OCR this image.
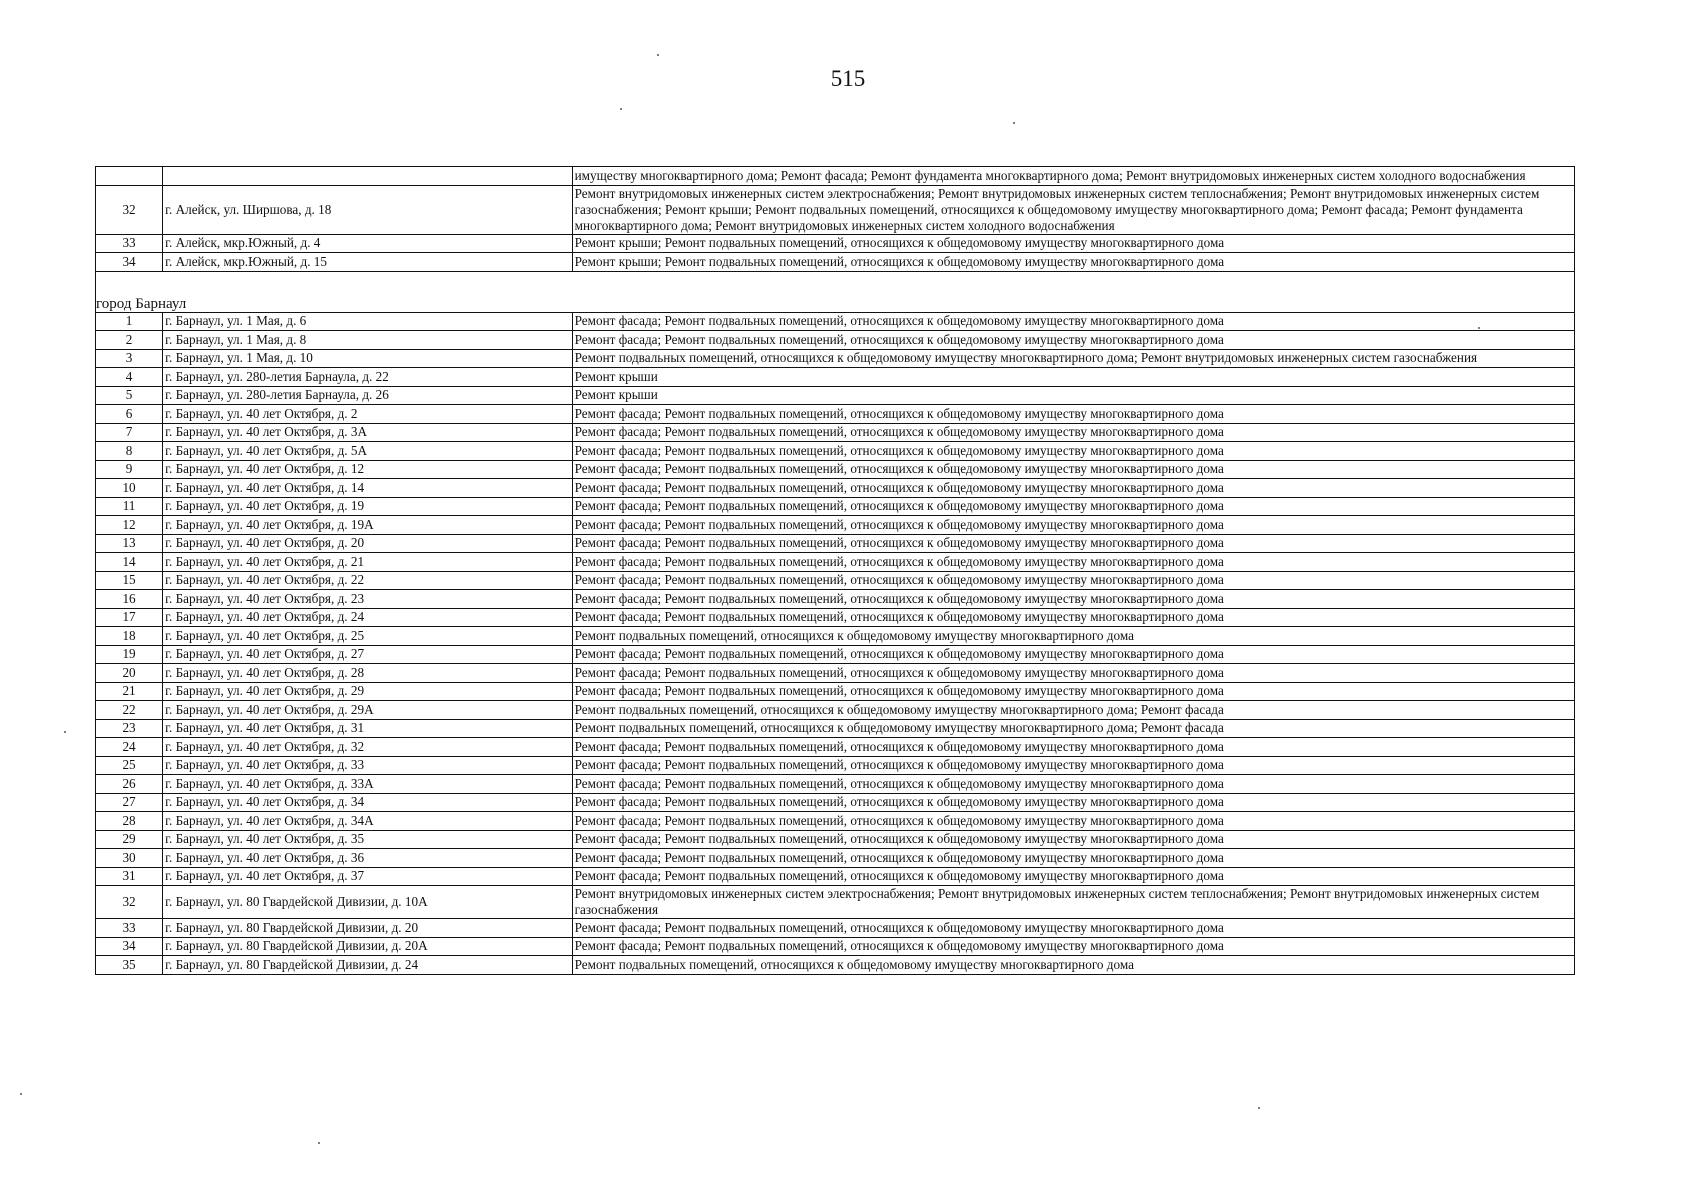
515
		имуществу многоквартирного дома; Ремонт фасада; Ремонт фундамента многоквартирного дома; Ремонт внутридомовых инженерных систем холодного водоснабжения
32	г. Алейск, ул. Ширшова, д. 18	Ремонт внутридомовых инженерных систем электроснабжения; Ремонт внутридомовых инженерных систем теплоснабжения; Ремонт внутридомовых инженерных систем газоснабжения; Ремонт крыши; Ремонт подвальных помещений, относящихся к общедомовому имуществу многоквартирного дома; Ремонт фасада; Ремонт фундамента многоквартирного дома; Ремонт внутридомовых инженерных систем холодного водоснабжения
33	г. Алейск, мкр.Южный, д. 4	Ремонт крыши; Ремонт подвальных помещений, относящихся к общедомовому имуществу многоквартирного дома
34	г. Алейск, мкр.Южный, д. 15	Ремонт крыши; Ремонт подвальных помещений, относящихся к общедомовому имуществу многоквартирного дома

город Барнаул		
1	г. Барнаул, ул. 1 Мая, д. 6	Ремонт фасада; Ремонт подвальных помещений, относящихся к общедомовому имуществу многоквартирного дома
2	г. Барнаул, ул. 1 Мая, д. 8	Ремонт фасада; Ремонт подвальных помещений, относящихся к общедомовому имуществу многоквартирного дома
3	г. Барнаул, ул. 1 Мая, д. 10	Ремонт подвальных помещений, относящихся к общедомовому имуществу многоквартирного дома; Ремонт внутридомовых инженерных систем газоснабжения
4	г. Барнаул, ул. 280-летия Барнаула, д. 22	Ремонт крыши
5	г. Барнаул, ул. 280-летия Барнаула, д. 26	Ремонт крыши
6	г. Барнаул, ул. 40 лет Октября, д. 2	Ремонт фасада; Ремонт подвальных помещений, относящихся к общедомовому имуществу многоквартирного дома
7	г. Барнаул, ул. 40 лет Октября, д. 3А	Ремонт фасада; Ремонт подвальных помещений, относящихся к общедомовому имуществу многоквартирного дома
8	г. Барнаул, ул. 40 лет Октября, д. 5А	Ремонт фасада; Ремонт подвальных помещений, относящихся к общедомовому имуществу многоквартирного дома
9	г. Барнаул, ул. 40 лет Октября, д. 12	Ремонт фасада; Ремонт подвальных помещений, относящихся к общедомовому имуществу многоквартирного дома
10	г. Барнаул, ул. 40 лет Октября, д. 14	Ремонт фасада; Ремонт подвальных помещений, относящихся к общедомовому имуществу многоквартирного дома
11	г. Барнаул, ул. 40 лет Октября, д. 19	Ремонт фасада; Ремонт подвальных помещений, относящихся к общедомовому имуществу многоквартирного дома
12	г. Барнаул, ул. 40 лет Октября, д. 19А	Ремонт фасада; Ремонт подвальных помещений, относящихся к общедомовому имуществу многоквартирного дома
13	г. Барнаул, ул. 40 лет Октября, д. 20	Ремонт фасада; Ремонт подвальных помещений, относящихся к общедомовому имуществу многоквартирного дома
14	г. Барнаул, ул. 40 лет Октября, д. 21	Ремонт фасада; Ремонт подвальных помещений, относящихся к общедомовому имуществу многоквартирного дома
15	г. Барнаул, ул. 40 лет Октября, д. 22	Ремонт фасада; Ремонт подвальных помещений, относящихся к общедомовому имуществу многоквартирного дома
16	г. Барнаул, ул. 40 лет Октября, д. 23	Ремонт фасада; Ремонт подвальных помещений, относящихся к общедомовому имуществу многоквартирного дома
17	г. Барнаул, ул. 40 лет Октября, д. 24	Ремонт фасада; Ремонт подвальных помещений, относящихся к общедомовому имуществу многоквартирного дома
18	г. Барнаул, ул. 40 лет Октября, д. 25	Ремонт подвальных помещений, относящихся к общедомовому имуществу многоквартирного дома
19	г. Барнаул, ул. 40 лет Октября, д. 27	Ремонт фасада; Ремонт подвальных помещений, относящихся к общедомовому имуществу многоквартирного дома
20	г. Барнаул, ул. 40 лет Октября, д. 28	Ремонт фасада; Ремонт подвальных помещений, относящихся к общедомовому имуществу многоквартирного дома
21	г. Барнаул, ул. 40 лет Октября, д. 29	Ремонт фасада; Ремонт подвальных помещений, относящихся к общедомовому имуществу многоквартирного дома
22	г. Барнаул, ул. 40 лет Октября, д. 29А	Ремонт подвальных помещений, относящихся к общедомовому имуществу многоквартирного дома; Ремонт фасада
23	г. Барнаул, ул. 40 лет Октября, д. 31	Ремонт подвальных помещений, относящихся к общедомовому имуществу многоквартирного дома; Ремонт фасада
24	г. Барнаул, ул. 40 лет Октября, д. 32	Ремонт фасада; Ремонт подвальных помещений, относящихся к общедомовому имуществу многоквартирного дома
25	г. Барнаул, ул. 40 лет Октября, д. 33	Ремонт фасада; Ремонт подвальных помещений, относящихся к общедомовому имуществу многоквартирного дома
26	г. Барнаул, ул. 40 лет Октября, д. 33А	Ремонт фасада; Ремонт подвальных помещений, относящихся к общедомовому имуществу многоквартирного дома
27	г. Барнаул, ул. 40 лет Октября, д. 34	Ремонт фасада; Ремонт подвальных помещений, относящихся к общедомовому имуществу многоквартирного дома
28	г. Барнаул, ул. 40 лет Октября, д. 34А	Ремонт фасада; Ремонт подвальных помещений, относящихся к общедомовому имуществу многоквартирного дома
29	г. Барнаул, ул. 40 лет Октября, д. 35	Ремонт фасада; Ремонт подвальных помещений, относящихся к общедомовому имуществу многоквартирного дома
30	г. Барнаул, ул. 40 лет Октября, д. 36	Ремонт фасада; Ремонт подвальных помещений, относящихся к общедомовому имуществу многоквартирного дома
31	г. Барнаул, ул. 40 лет Октября, д. 37	Ремонт фасада; Ремонт подвальных помещений, относящихся к общедомовому имуществу многоквартирного дома
32	г. Барнаул, ул. 80 Гвардейской Дивизии, д. 10А	Ремонт внутридомовых инженерных систем электроснабжения; Ремонт внутридомовых инженерных систем теплоснабжения; Ремонт внутридомовых инженерных систем газоснабжения
33	г. Барнаул, ул. 80 Гвардейской Дивизии, д. 20	Ремонт фасада; Ремонт подвальных помещений, относящихся к общедомовому имуществу многоквартирного дома
34	г. Барнаул, ул. 80 Гвардейской Дивизии, д. 20А	Ремонт фасада; Ремонт подвальных помещений, относящихся к общедомовому имуществу многоквартирного дома
35	г. Барнаул, ул. 80 Гвардейской Дивизии, д. 24	Ремонт подвальных помещений, относящихся к общедомовому имуществу многоквартирного дома
